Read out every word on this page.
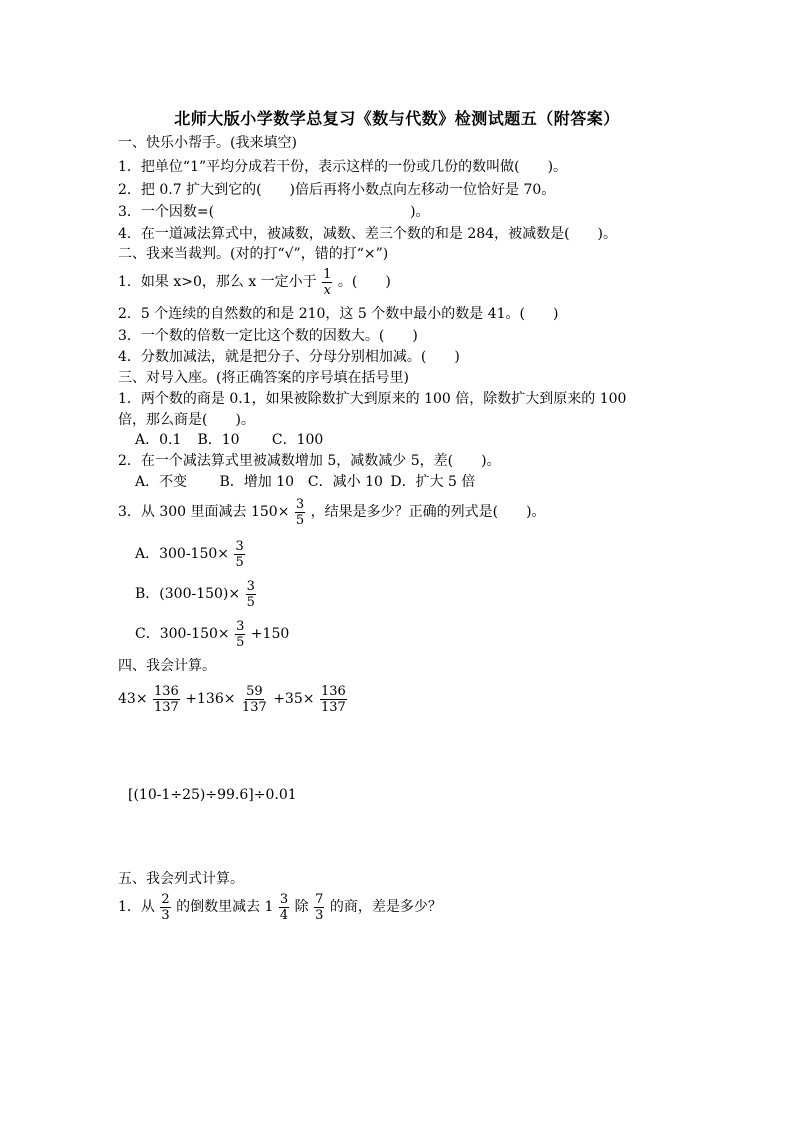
北师大版小学数学总复习《数与代数》检测试题五（附答案）
一、快乐小帮手。(我来填空)
1．把单位“1”平均分成若干份，表示这样的一份或几份的数叫做(　　)。
2．把 0.7 扩大到它的(　　)倍后再将小数点向左移动一位恰好是 70。
3．一个因数=(　　　　　　　　　　　　　　)。
4．在一道减法算式中，被减数，减数、差三个数的和是 284，被减数是(　　)。
二、我来当裁判。(对的打“√”，错的打“×”)
1．如果 x>0，那么 x 一定小于 $\frac{1}{x}$ 。(　　)
2．5 个连续的自然数的和是 210，这 5 个数中最小的数是 41。(　　)
3．一个数的倍数一定比这个数的因数大。(　　)
4．分数加减法，就是把分子、分母分别相加减。(　　)
三、对号入座。(将正确答案的序号填在括号里)
1．两个数的商是 0.1，如果被除数扩大到原来的 100 倍，除数扩大到原来的 100
倍，那么商是(　　)。
A．0.1 B．10 C．100
2．在一个减法算式里被减数增加 5，减数减少 5，差(　　)。
A．不变 B．增加 10 C．减小 10 D．扩大 5 倍
3．从 300 里面减去 $150\times \frac{3}{5}$ ，结果是多少？正确的列式是(　　)。
A．$300-150\times \frac{3}{5}$
B．$(300-150)\times \frac{3}{5}$
C．$300-150\times \frac{3}{5} +150$
四、我会计算。
$43\times \frac{136}{137} +136\times \frac{59}{137} +35\times \frac{136}{137}$
[(10-1÷25)÷99.6]÷0.01
五、我会列式计算。
1．从 $\frac{2}{3}$ 的倒数里减去 $1 \frac{3}{4}$ 除 $\frac{7}{3}$ 的商，差是多少？
